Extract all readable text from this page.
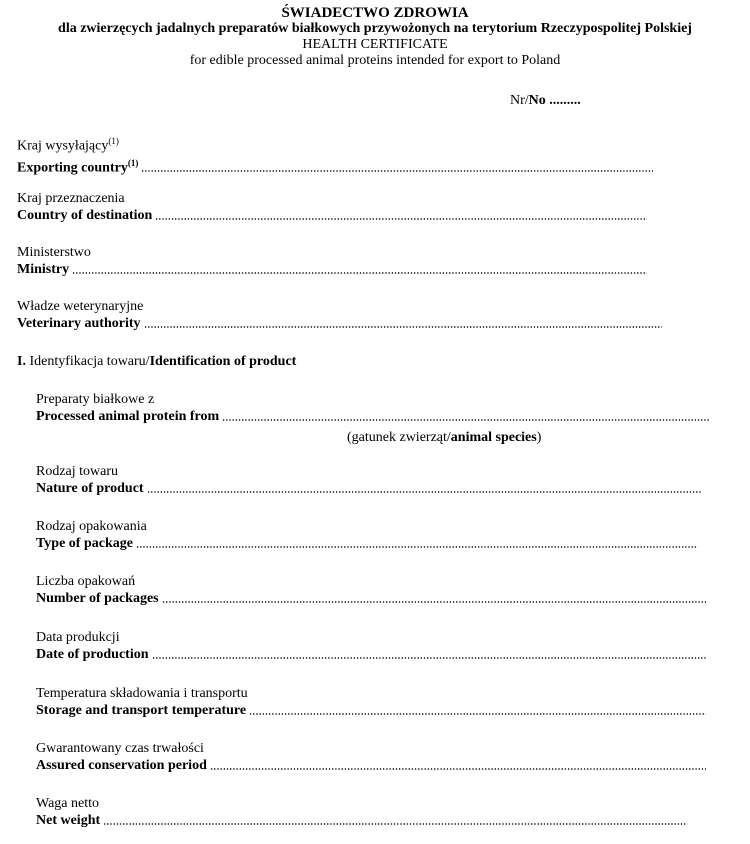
ŚWIADECTWO ZDROWIA
dla zwierzęcych jadalnych preparatów białkowych przywożonych na terytorium Rzeczypospolitej Polskiej
HEALTH CERTIFICATE
for edible processed animal proteins intended for export to Poland
Nr/No .........
Kraj wysyłający$^{(1)}$
Exporting country$^{(1)}$
Kraj przeznaczenia
Country of destination
Ministerstwo
Ministry
Władze weterynaryjne
Veterinary authority
I. Identyfikacja towaru/Identification of product
Preparaty białkowe z
Processed animal protein from
(gatunek zwierząt/animal species)
Rodzaj towaru
Nature of product
Rodzaj opakowania
Type of package
Liczba opakowań
Number of packages
Data produkcji
Date of production
Temperatura składowania i transportu
Storage and transport temperature
Gwarantowany czas trwałości
Assured conservation period
Waga netto
Net weight
